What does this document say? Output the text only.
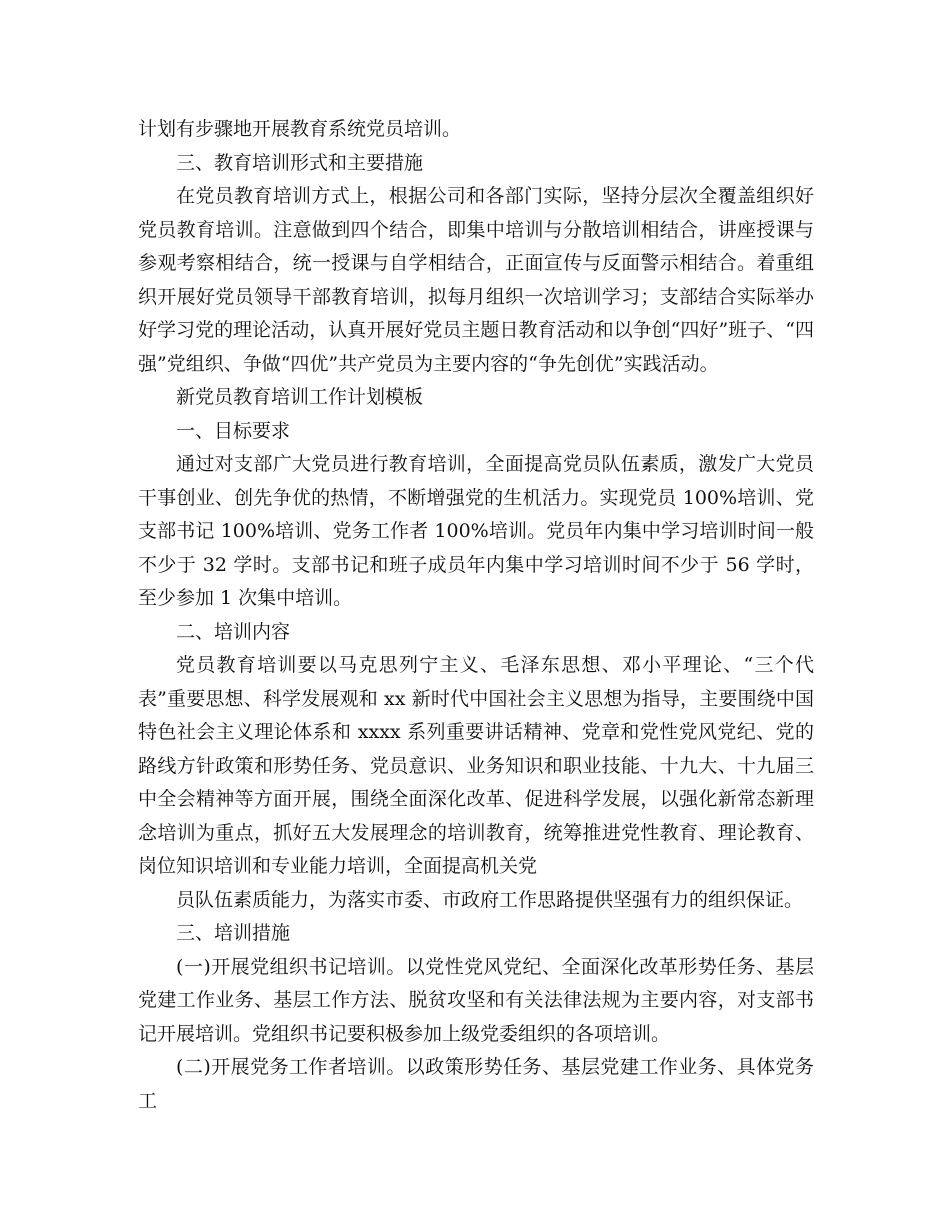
计划有步骤地开展教育系统党员培训。

三、教育培训形式和主要措施

在党员教育培训方式上，根据公司和各部门实际，坚持分层次全覆盖组织好党员教育培训。注意做到四个结合，即集中培训与分散培训相结合，讲座授课与参观考察相结合，统一授课与自学相结合，正面宣传与反面警示相结合。着重组织开展好党员领导干部教育培训，拟每月组织一次培训学习；支部结合实际举办好学习党的理论活动，认真开展好党员主题日教育活动和以争创“四好”班子、“四强”党组织、争做“四优”共产党员为主要内容的“争先创优”实践活动。

新党员教育培训工作计划模板

一、目标要求

通过对支部广大党员进行教育培训，全面提高党员队伍素质，激发广大党员干事创业、创先争优的热情，不断增强党的生机活力。实现党员 100%培训、党支部书记 100%培训、党务工作者 100%培训。党员年内集中学习培训时间一般不少于 32 学时。支部书记和班子成员年内集中学习培训时间不少于 56 学时，至少参加 1 次集中培训。

二、培训内容

党员教育培训要以马克思列宁主义、毛泽东思想、邓小平理论、“三个代表”重要思想、科学发展观和 xx 新时代中国社会主义思想为指导，主要围绕中国特色社会主义理论体系和 xxxx 系列重要讲话精神、党章和党性党风党纪、党的路线方针政策和形势任务、党员意识、业务知识和职业技能、十九大、十九届三中全会精神等方面开展，围绕全面深化改革、促进科学发展，以强化新常态新理念培训为重点，抓好五大发展理念的培训教育，统筹推进党性教育、理论教育、岗位知识培训和专业能力培训，全面提高机关党

员队伍素质能力，为落实市委、市政府工作思路提供坚强有力的组织保证。

三、培训措施

(一)开展党组织书记培训。以党性党风党纪、全面深化改革形势任务、基层党建工作业务、基层工作方法、脱贫攻坚和有关法律法规为主要内容，对支部书记开展培训。党组织书记要积极参加上级党委组织的各项培训。

(二)开展党务工作者培训。以政策形势任务、基层党建工作业务、具体党务工
